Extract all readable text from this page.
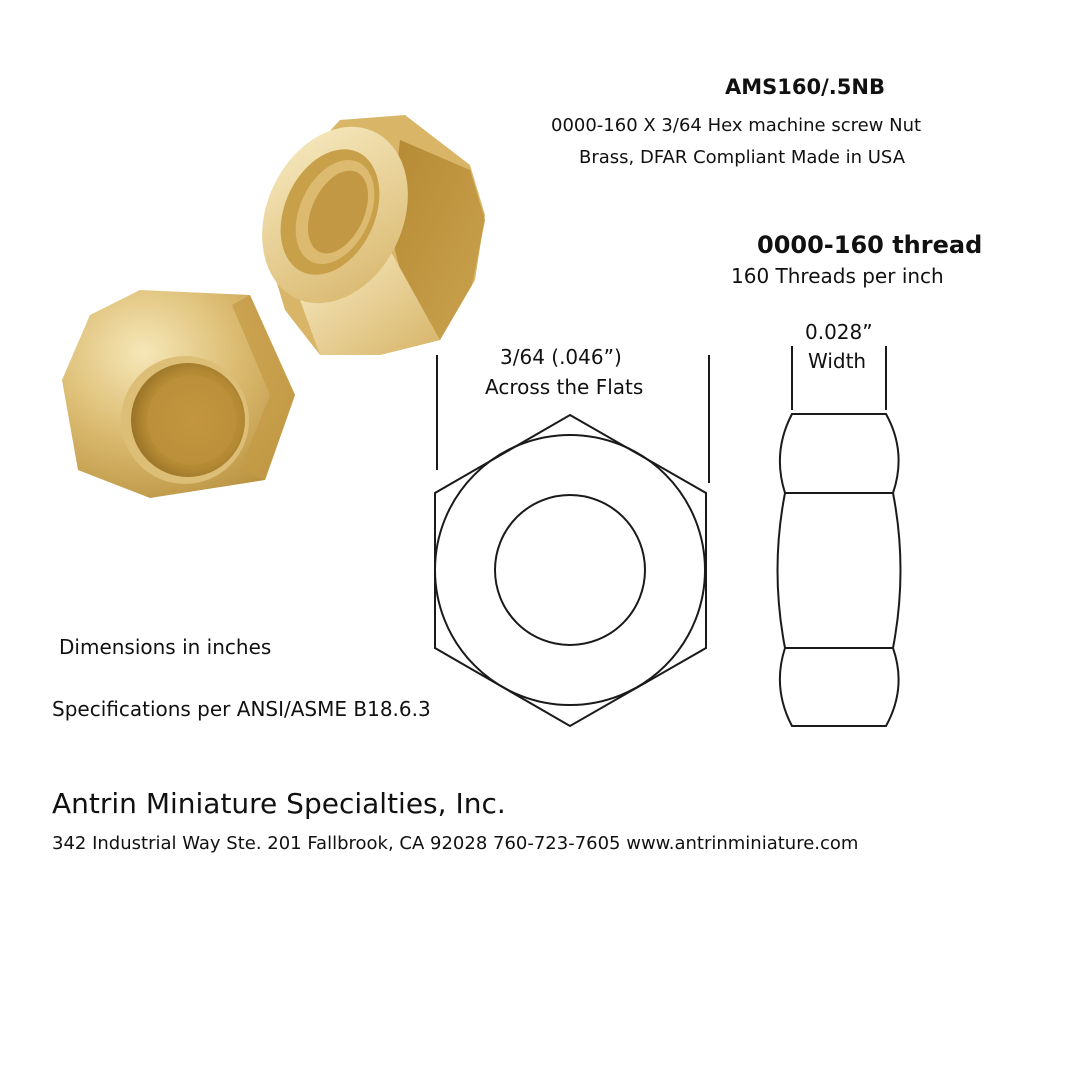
AMS160/.5NB
0000-160 X 3/64 Hex machine screw Nut
Brass, DFAR Compliant Made in USA
0000-160 thread
160 Threads per inch
3/64 (.046”)
Across the Flats
0.028”
Width
Dimensions in inches
Specifications per ANSI/ASME B18.6.3
Antrin Miniature Specialties, Inc.
342 Industrial Way Ste. 201 Fallbrook, CA 92028 760-723-7605 www.antrinminiature.com
